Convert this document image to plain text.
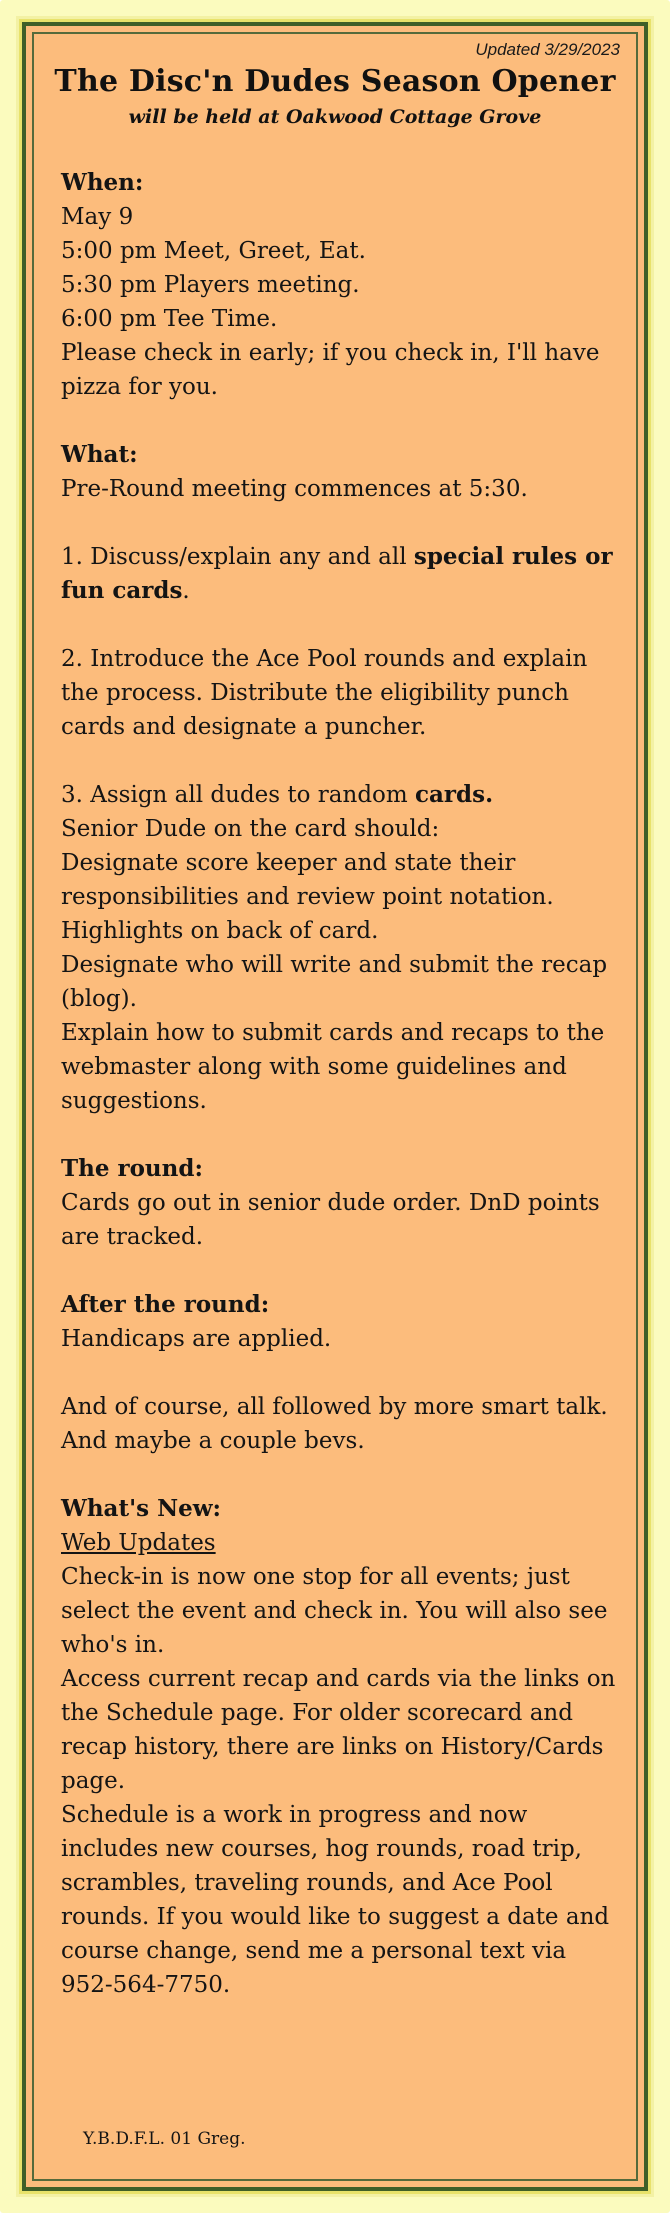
Updated 3/29/2023
The Disc'n Dudes Season Opener
will be held at Oakwood Cottage Grove

When:
May 9
5:00 pm Meet, Greet, Eat.
5:30 pm Players meeting.
6:00 pm Tee Time.
Please check in early; if you check in, I'll have pizza for you.

What:
Pre-Round meeting commences at 5:30.

1. Discuss/explain any and all special rules or fun cards.

2. Introduce the Ace Pool rounds and explain the process. Distribute the eligibility punch cards and designate a puncher.

3. Assign all dudes to random cards.
Senior Dude on the card should:
Designate score keeper and state their responsibilities and review point notation. Highlights on back of card.
Designate who will write and submit the recap (blog).
Explain how to submit cards and recaps to the webmaster along with some guidelines and suggestions.

The round:
Cards go out in senior dude order. DnD points are tracked.

After the round:
Handicaps are applied.

And of course, all followed by more smart talk. And maybe a couple bevs.

What's New:
Web Updates
Check-in is now one stop for all events; just select the event and check in. You will also see who's in.
Access current recap and cards via the links on the Schedule page. For older scorecard and recap history, there are links on History/Cards page.
Schedule is a work in progress and now includes new courses, hog rounds, road trip, scrambles, traveling rounds, and Ace Pool rounds. If you would like to suggest a date and course change, send me a personal text via 952-564-7750.

Y.B.D.F.L. 01 Greg.
